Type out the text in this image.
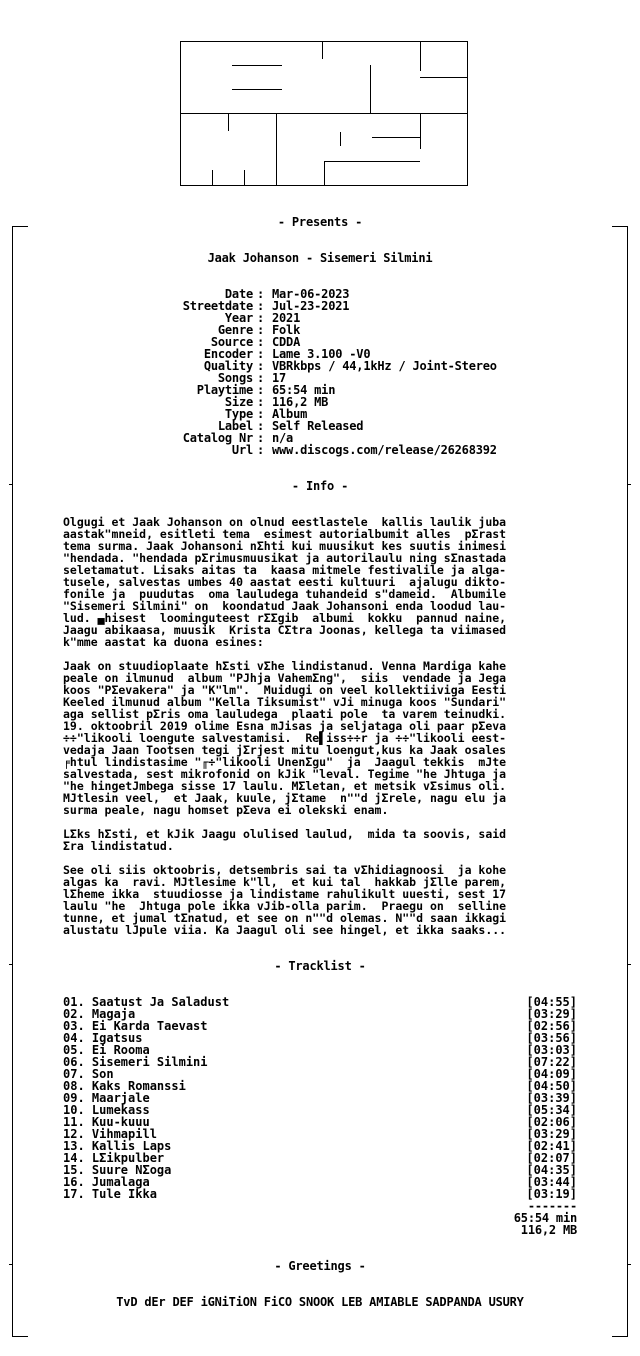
- Presents -
Jaak Johanson - Sisemeri Silmini
Date : Mar-06-2023
Streetdate : Jul-23-2021
Year : 2021
Genre : Folk
Source : CDDA
Encoder : Lame 3.100 -V0
Quality : VBRkbps / 44,1kHz / Joint-Stereo
Songs : 17
Playtime : 65:54 min
Size : 116,2 MB
Type : Album
Label : Self Released
Catalog Nr : n/a
Url : www.discogs.com/release/26268392
- Info -
Olgugi et Jaak Johanson on olnud eestlastele  kallis laulik juba
aastak"mneid, esitleti tema  esimest autorialbumit alles  pΣrast
tema surma. Jaak Johansoni nΣhti kui muusikut kes suutis inimesi
"hendada. "hendada pΣrimusmuusikat ja autorilaulu ning sΣnastada
seletamatut. Lisaks aitas ta  kaasa mitmele festivalile ja alga-
tusele, salvestas umbes 40 aastat eesti kultuuri  ajalugu dikto-
fonile ja  puudutas  oma lauludega tuhandeid s"dameid.  Albumile
"Sisemeri Silmini" on  koondatud Jaak Johansoni enda loodud lau-
lud. ▄hisest  loominguteest rΣΣgib  albumi  kokku  pannud naine,
Jaagu abikaasa, muusik  Krista CΣtra Joonas, kellega ta viimased
k"mme aastat ka duona esines:
Jaak on stuudioplaate hΣsti vΣhe lindistanud. Venna Mardiga kahe
peale on ilmunud  album "PJhja VahemΣng",  siis  vendade ja Jega
koos "PΣevakera" ja "K"lm".  Muidugi on veel kollektiiviga Eesti
Keeled ilmunud album "Kella Tiksumist" vJi minuga koos "Sundari"
aga sellist pΣris oma lauludega  plaati pole  ta varem teinudki.
19. oktoobril 2019 olime Esna mJisas ja seljataga oli paar pΣeva
÷÷"likooli loengute salvestamisi.  Re▌iss÷÷r ja ÷÷"likooli eest-
vedaja Jaan Tootsen tegi jΣrjest mitu loengut,kus ka Jaak osales
╒htul lindistasime "╓÷"likooli UnenΣgu"  ja  Jaagul tekkis  mJte
salvestada, sest mikrofonid on kJik "leval. Tegime "he Jhtuga ja
"he hingetJmbega sisse 17 laulu. MΣletan, et metsik vΣsimus oli.
MJtlesin veel,  et Jaak, kuule, jΣtame  n""d jΣrele, nagu elu ja
surma peale, nagu homset pΣeva ei olekski enam.
LΣks hΣsti, et kJik Jaagu olulised laulud,  mida ta soovis, said
Σra lindistatud.
See oli siis oktoobris, detsembris sai ta vΣhidiagnoosi  ja kohe
algas ka  ravi. MJtlesime k"ll,  et kui tal  hakkab jΣlle parem,
lΣheme ikka  stuudiosse ja lindistame rahulikult uuesti, sest 17
laulu "he  Jhtuga pole ikka vJib-olla parim.  Praegu on  selline
tunne, et jumal tΣnatud, et see on n""d olemas. N""d saan ikkagi
alustatu lJpule viia. Ka Jaagul oli see hingel, et ikka saaks...
- Tracklist -
01. Saatust Ja Saladust	[04:55]
02. Magaja	[03:29]
03. Ei Karda Taevast	[02:56]
04. Igatsus	[03:56]
05. Ei Rooma	[03:03]
06. Sisemeri Silmini	[07:22]
07. Son	[04:09]
08. Kaks Romanssi	[04:50]
09. Maarjale	[03:39]
10. Lumekass	[05:34]
11. Kuu-kuuu	[02:06]
12. Vihmapill	[03:29]
13. Kallis Laps	[02:41]
14. LΣikpulber	[02:07]
15. Suure NΣoga	[04:35]
16. Jumalaga	[03:44]
17. Tule Ikka	[03:19]
-------
65:54 min
116,2 MB
- Greetings -
TvD dEr DEF iGNiTiON FiCO SNOOK LEB AMIABLE SADPANDA USURY
